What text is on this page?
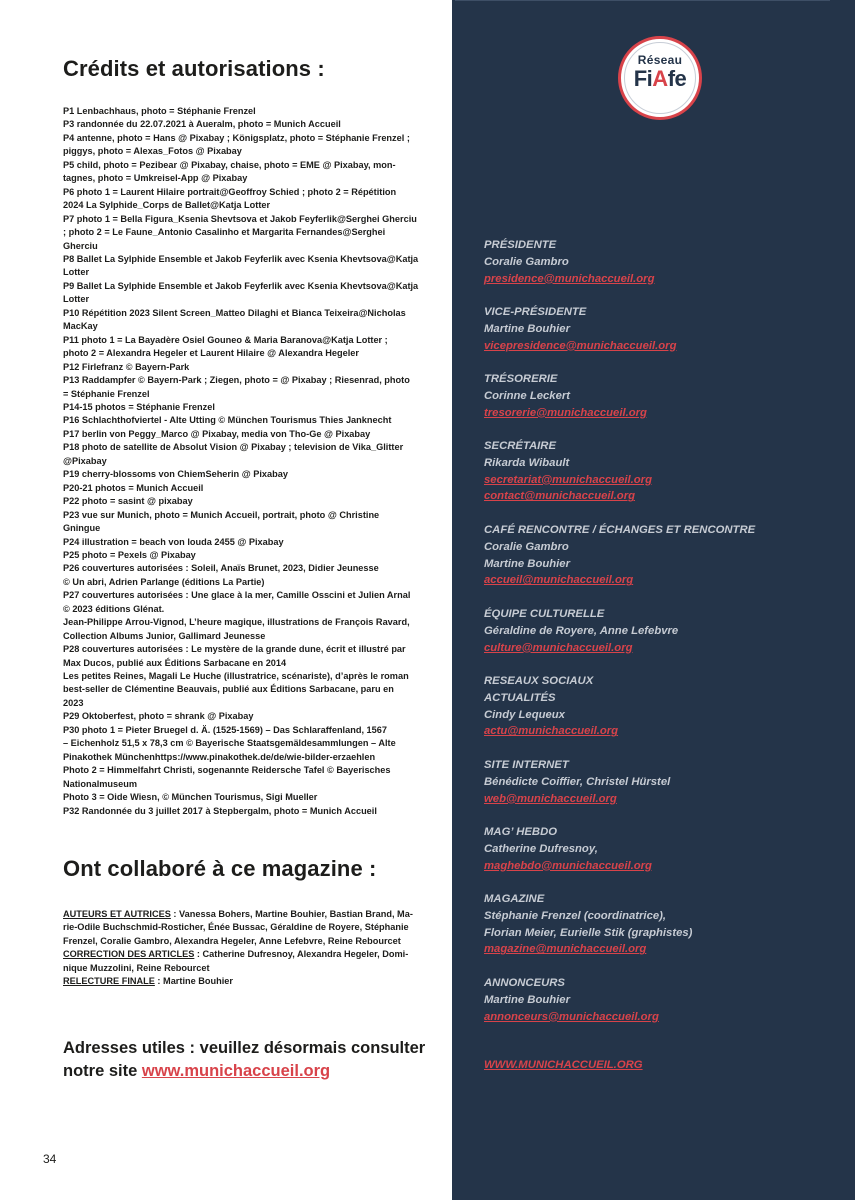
Crédits et autorisations :
P1 Lenbachhaus, photo = Stéphanie Frenzel
P3 randonnée du 22.07.2021 à Aueralm, photo = Munich Accueil
P4 antenne, photo = Hans @ Pixabay ; Königsplatz, photo = Stéphanie Frenzel ;
piggys, photo = Alexas_Fotos @ Pixabay
P5 child, photo = Pezibear @ Pixabay, chaise, photo = EME @ Pixabay, mon-
tagnes, photo = Umkreisel-App @ Pixabay
P6 photo 1 = Laurent Hilaire portrait@Geoffroy Schied ; photo 2 = Répétition
2024 La Sylphide_Corps de Ballet@Katja Lotter
P7 photo 1 = Bella Figura_Ksenia Shevtsova et Jakob Feyferlik@Serghei Gherciu
; photo 2 = Le Faune_Antonio Casalinho et Margarita Fernandes@Serghei
Gherciu
P8 Ballet La Sylphide Ensemble et Jakob Feyferlik avec Ksenia Khevtsova@Katja
Lotter
P9 Ballet La Sylphide Ensemble et Jakob Feyferlik avec Ksenia Khevtsova@Katja
Lotter
P10 Répétition 2023 Silent Screen_Matteo Dilaghi et Bianca Teixeira@Nicholas
MacKay
P11 photo 1 = La Bayadère Osiel Gouneo & Maria Baranova@Katja Lotter ;
photo 2 = Alexandra Hegeler et Laurent Hilaire @ Alexandra Hegeler
P12 Firlefranz © Bayern-Park
P13 Raddampfer © Bayern-Park ; Ziegen, photo = @ Pixabay ; Riesenrad, photo
= Stéphanie Frenzel
P14-15 photos = Stéphanie Frenzel
P16 Schlachthofviertel - Alte Utting © München Tourismus Thies Janknecht
P17 berlin von Peggy_Marco @ Pixabay, media von Tho-Ge @ Pixabay
P18 photo de satellite de Absolut Vision @ Pixabay ; television de Vika_Glitter
@Pixabay
P19 cherry-blossoms von ChiemSeherin @ Pixabay
P20-21 photos = Munich Accueil
P22 photo = sasint @ pixabay
P23 vue sur Munich, photo = Munich Accueil, portrait, photo @ Christine
Gningue
P24 illustration = beach von louda 2455 @ Pixabay
P25 photo = Pexels @ Pixabay
P26 couvertures autorisées : Soleil, Anaïs Brunet, 2023, Didier Jeunesse
© Un abri, Adrien Parlange (éditions La Partie)
P27 couvertures autorisées : Une glace à la mer, Camille Osscini et Julien Arnal
© 2023 éditions Glénat.
Jean-Philippe Arrou-Vignod, L’heure magique, illustrations de François Ravard,
Collection Albums Junior, Gallimard Jeunesse
P28 couvertures autorisées : Le mystère de la grande dune, écrit et illustré par
Max Ducos, publié aux Éditions Sarbacane en 2014
Les petites Reines, Magali Le Huche (illustratrice, scénariste), d’après le roman
best-seller de Clémentine Beauvais, publié aux Éditions Sarbacane, paru en
2023
P29 Oktoberfest, photo = shrank @ Pixabay
P30 photo 1 = Pieter Bruegel d. Ä. (1525-1569) – Das Schlaraffenland, 1567
– Eichenholz 51,5 x 78,3 cm © Bayerische Staatsgemäldesammlungen – Alte
Pinakothek Münchenhttps://www.pinakothek.de/de/wie-bilder-erzaehlen
Photo 2 = Himmelfahrt Christi, sogenannte Reidersche Tafel © Bayerisches
Nationalmuseum
Photo 3 = Oide Wiesn, © München Tourismus, Sigi Mueller
P32 Randonnée du 3 juillet 2017 à Stepbergalm, photo = Munich Accueil
Ont collaboré à ce magazine :
AUTEURS ET AUTRICES : Vanessa Bohers, Martine Bouhier, Bastian Brand, Ma-
rie-Odile Buchschmid-Rostiсher, Énée Bussac, Géraldine de Royere, Stéphanie
Frenzel, Coralie Gambro, Alexandra Hegeler, Anne Lefebvre, Reine Rebourcet
CORRECTION DES ARTICLES : Catherine Dufresnoy, Alexandra Hegeler, Domi-
nique Muzzolini, Reine Rebourcet
RELECTURE FINALE : Martine Bouhier
Adresses utiles : veuillez désormais consulter
notre site www.munichaccueil.org
34
Réseau
FiAfe
PRÉSIDENTE
Coralie Gambro
presidence@munichaccueil.org
VICE-PRÉSIDENTE
Martine Bouhier
vicepresidence@munichaccueil.org
TRÉSORERIE
Corinne Leckert
tresorerie@munichaccueil.org
SECRÉTAIRE
Rikarda Wibault
secretariat@munichaccueil.org
contact@munichaccueil.org
CAFÉ RENCONTRE / ÉCHANGES ET RENCONTRE
Coralie Gambro
Martine Bouhier
accueil@munichaccueil.org
ÉQUIPE CULTURELLE
Géraldine de Royere, Anne Lefebvre
culture@munichaccueil.org
RESEAUX SOCIAUX
ACTUALITÉS
Cindy Lequeux
actu@munichaccueil.org
SITE INTERNET
Bénédicte Coiffier, Christel Hürstel
web@munichaccueil.org
MAG’ HEBDO
Catherine Dufresnoy,
maghebdo@munichaccueil.org
MAGAZINE
Stéphanie Frenzel (coordinatrice),
Florian Meier, Eurielle Stik (graphistes)
magazine@munichaccueil.org
ANNONCEURS
Martine Bouhier
annonceurs@munichaccueil.org
WWW.MUNICHACCUEIL.ORG
